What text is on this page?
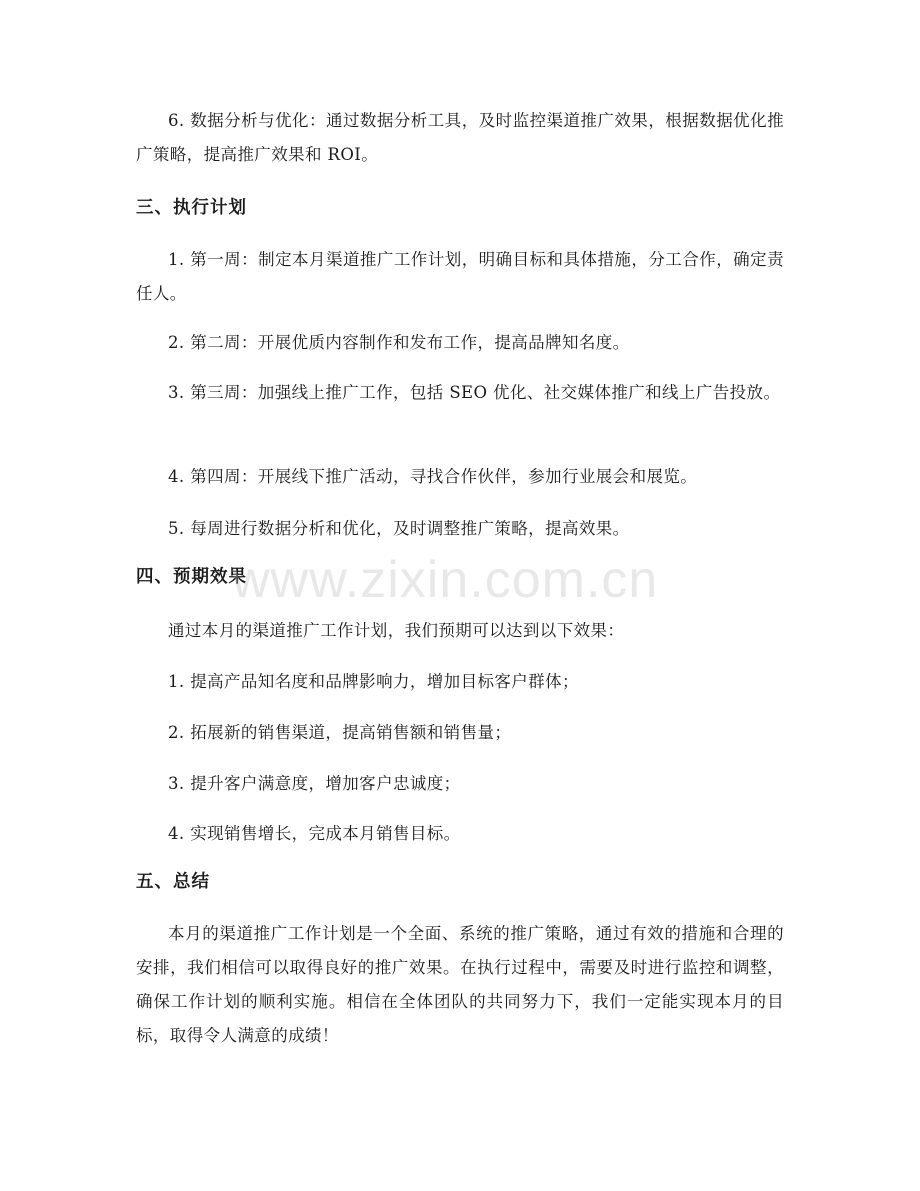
6. 数据分析与优化：通过数据分析工具，及时监控渠道推广效果，根据数据优化推广策略，提高推广效果和 ROI。

三、执行计划

1. 第一周：制定本月渠道推广工作计划，明确目标和具体措施，分工合作，确定责任人。

2. 第二周：开展优质内容制作和发布工作，提高品牌知名度。

3. 第三周：加强线上推广工作，包括 SEO 优化、社交媒体推广和线上广告投放。

4. 第四周：开展线下推广活动，寻找合作伙伴，参加行业展会和展览。

5. 每周进行数据分析和优化，及时调整推广策略，提高效果。

四、预期效果

通过本月的渠道推广工作计划，我们预期可以达到以下效果：

1. 提高产品知名度和品牌影响力，增加目标客户群体；

2. 拓展新的销售渠道，提高销售额和销售量；

3. 提升客户满意度，增加客户忠诚度；

4. 实现销售增长，完成本月销售目标。

五、总结

本月的渠道推广工作计划是一个全面、系统的推广策略，通过有效的措施和合理的安排，我们相信可以取得良好的推广效果。在执行过程中，需要及时进行监控和调整，确保工作计划的顺利实施。相信在全体团队的共同努力下，我们一定能实现本月的目标，取得令人满意的成绩！

www.zixin.com.cn
